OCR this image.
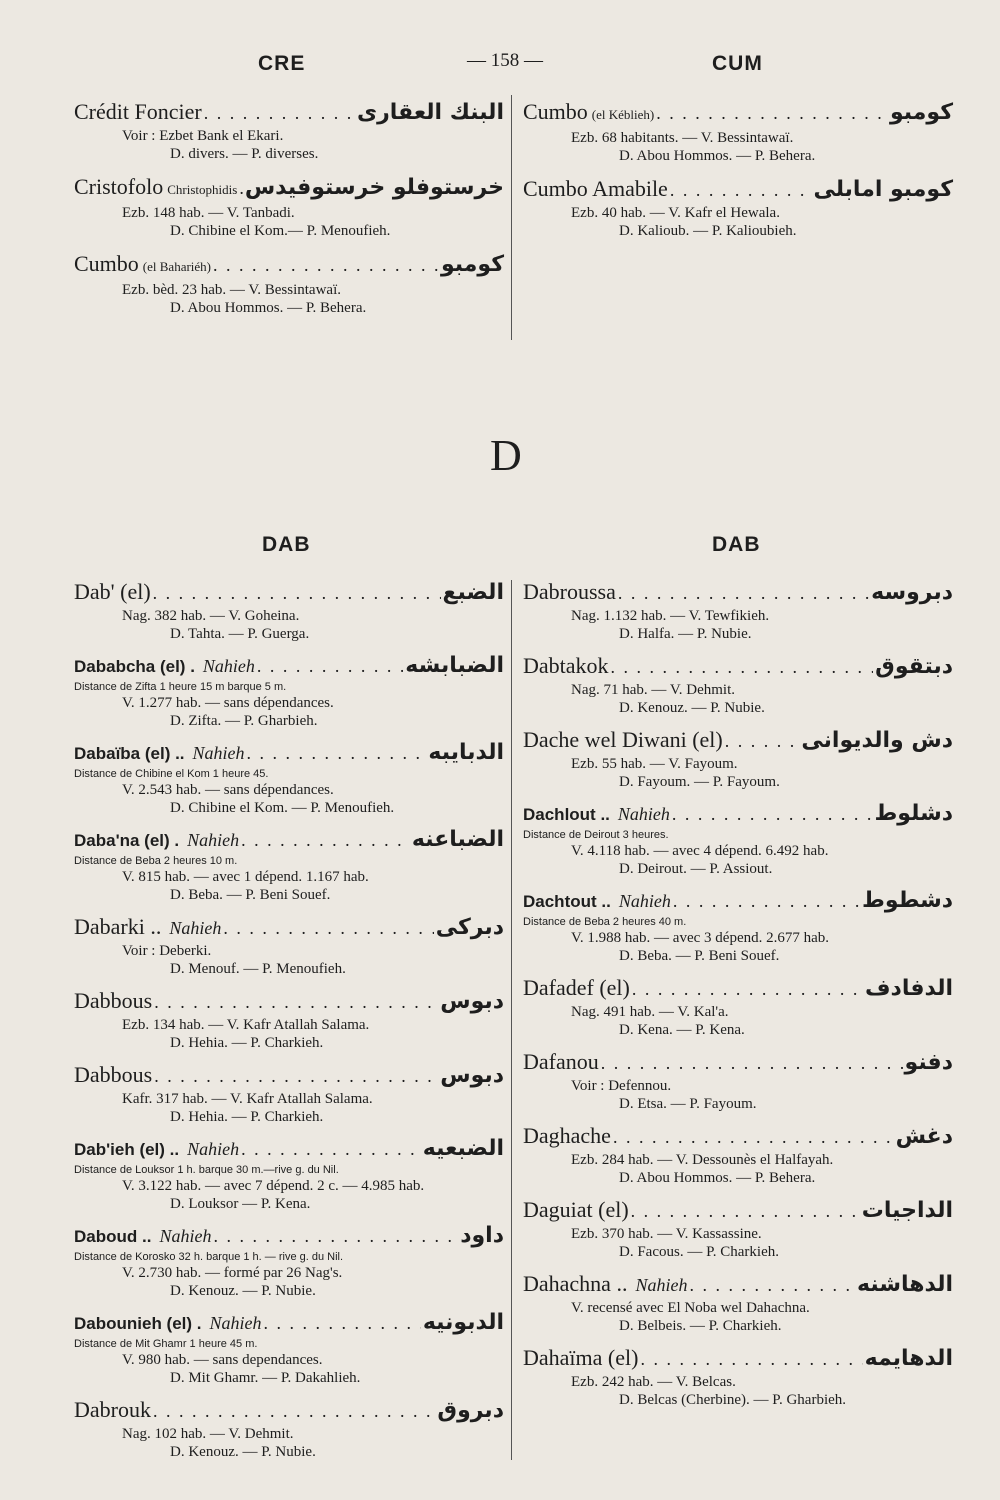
CRE	— 158 —	CUM
Crédit Foncier . . .	البنك العقارى
Voir : Ezbet Bank el Ekari.
D. divers. — P. diverses.
Cristofolo Christophidis . . . خرستوفلو خرستوفيدس
Ezb. 148 hab. — V. Tanbadi.
D. Chibine el Kom.— P. Menoufieh.
Cumbo (el Bahariéh) . . .	كومبو
Ezb. bèd. 23 hab. — V. Bessintawaï.
D. Abou Hommos. — P. Behera.
Cumbo (el Kéblieh) . . .	كومبو
Ezb. 68 habitants. — V. Bessintawaï.
D. Abou Hommos. — P. Behera.
Cumbo Amabile . . .	كومبو امابلى
Ezb. 40 hab. — V. Kafr el Hewala.
D. Kalioub. — P. Kalioubieh.
D
DAB	DAB
Dab' (el) . . .	الضبع
Nag. 382 hab. — V. Goheina.
D. Tahta. — P. Guerga.
Dababcha (el) . Nahieh . . .	الضبابشه
Distance de Zifta 1 heure 15 m barque 5 m.
V. 1.277 hab. — sans dépendances.
D. Zifta. — P. Gharbieh.
Dabaïba (el) .. Nahieh . . .	الدبايبه
Distance de Chibine el Kom 1 heure 45.
V. 2.543 hab. — sans dépendances.
D. Chibine el Kom. — P. Menoufieh.
Daba'na (el) . Nahieh . . .	الضباعنه
Distance de Beba 2 heures 10 m.
V. 815 hab. — avec 1 dépend. 1.167 hab.
D. Beba. — P. Beni Souef.
Dabarki .. Nahieh . . .	دبركى
Voir : Deberki.
D. Menouf. — P. Menoufieh.
Dabbous . . .	دبوس
Ezb. 134 hab. — V. Kafr Atallah Salama.
D. Hehia. — P. Charkieh.
Dabbous . . .	دبوس
Kafr. 317 hab. — V. Kafr Atallah Salama.
D. Hehia. — P. Charkieh.
Dab'ieh (el) .. Nahieh . . .	الضبعيه
Distance de Louksor 1 h. barque 30 m.—rive g. du Nil.
V. 3.122 hab. — avec 7 dépend. 2 c. — 4.985 hab.
D. Louksor — P. Kena.
Daboud .. Nahieh . . .	داود
Distance de Korosko 32 h. barque 1 h. — rive g. du Nil.
V. 2.730 hab. — formé par 26 Nag's.
D. Kenouz. — P. Nubie.
Dabounieh (el) . Nahieh . . .	الدبونيه
Distance de Mit Ghamr 1 heure 45 m.
V. 980 hab. — sans dependances.
D. Mit Ghamr. — P. Dakahlieh.
Dabrouk . . .	دبروق
Nag. 102 hab. — V. Dehmit.
D. Kenouz. — P. Nubie.
Dabroussa . . .	دبروسه
Nag. 1.132 hab. — V. Tewfikieh.
D. Halfa. — P. Nubie.
Dabtakok . . .	دبتقوق
Nag. 71 hab. — V. Dehmit.
D. Kenouz. — P. Nubie.
Dache wel Diwani (el) . . .	دش والديوانى
Ezb. 55 hab. — V. Fayoum.
D. Fayoum. — P. Fayoum.
Dachlout .. Nahieh . . .	دشلوط
Distance de Deirout 3 heures.
V. 4.118 hab. — avec 4 dépend. 6.492 hab.
D. Deirout. — P. Assiout.
Dachtout .. Nahieh . . .	دشطوط
Distance de Beba 2 heures 40 m.
V. 1.988 hab. — avec 3 dépend. 2.677 hab.
D. Beba. — P. Beni Souef.
Dafadef (el) . . .	الدفادف
Nag. 491 hab. — V. Kal'a.
D. Kena. — P. Kena.
Dafanou . . .	دفنو
Voir : Defennou.
D. Etsa. — P. Fayoum.
Daghache . . .	دغش
Ezb. 284 hab. — V. Dessounès el Halfayah.
D. Abou Hommos. — P. Behera.
Daguiat (el) . . .	الداجيات
Ezb. 370 hab. — V. Kassassine.
D. Facous. — P. Charkieh.
Dahachna .. Nahieh . . .	الدهاشنه
V. recensé avec El Noba wel Dahachna.
D. Belbeis. — P. Charkieh.
Dahaïma (el) . . .	الدهايمه
Ezb. 242 hab. — V. Belcas.
D. Belcas (Cherbine). — P. Gharbieh.
